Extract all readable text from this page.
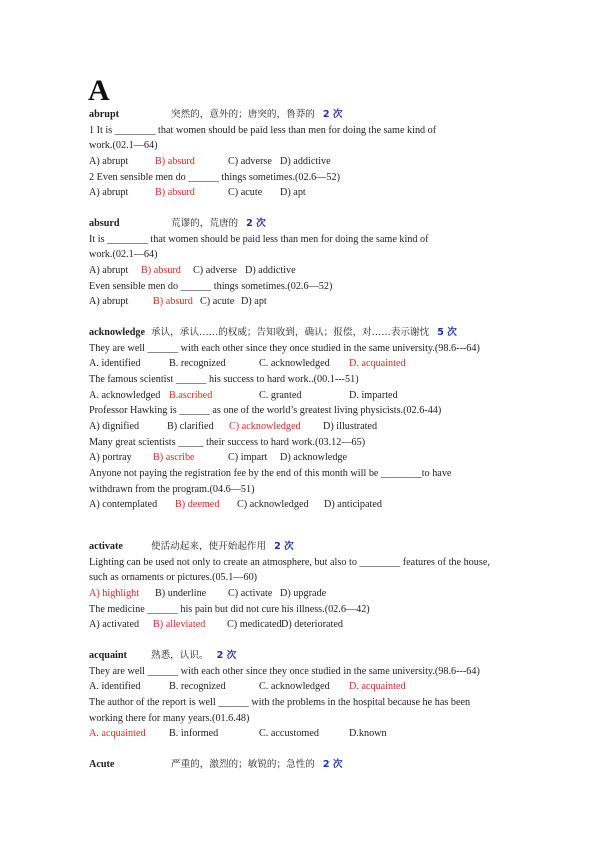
A
abrupt	突然的，意外的；唐突的，鲁莽的 2 次
1 It is ________ that women should be paid less than men for doing the same kind of
work.(02.1—64)
A) abrupt	B) absurd	C) adverse D) addictive
2 Even sensible men do ______ things sometimes.(02.6—52)
A) abrupt	B) absurd	C) acute D) apt
absurd	荒谬的，荒唐的 2 次
It is ________ that women should be paid less than men for doing the same kind of
work.(02.1—64)
A) abrupt B) absurd C) adverse D) addictive
Even sensible men do ______ things sometimes.(02.6—52)
A) abrupt B) absurd C) acute D) apt
acknowledge 承认，承认……的权威；告知收到，确认；报偿，对……表示谢忱 5 次
They are well ______ with each other since they once studied in the same university.(98.6---64)
A. identified	B. recognized	C. acknowledged D. acquainted
The famous scientist ______ his success to hard work..(00.1---51)
A. acknowledged B.ascribed	C. granted	D. imparted
Professor Hawking is ______ as one of the world’s greatest living physicists.(02.6-44)
A) dignified	B) clarified C) acknowledged D) illustrated
Many great scientists _____ their success to hard work.(03.12—65)
A) portray B) ascribe	C) impart D) acknowledge
Anyone not paying the registration fee by the end of this month will be ________to have
withdrawn from the program.(04.6—51)
A) contemplated B) deemed C) acknowledged D) anticipated
activate	使活动起来，使开始起作用 2 次
Lighting can be used not only to create an atmosphere, but also to ________ features of the house,
such as ornaments or pictures.(05.1—60)
A) highlight B) underline C) activate D) upgrade
The medicine ______ his pain but did not cure his illness.(02.6—42)
A) activated B) alleviated C) medicated D) deteriorated
acquaint	熟悉，认识。 2 次
They are well ______ with each other since they once studied in the same university.(98.6---64)
A. identified	B. recognized	C. acknowledged D. acquainted
The author of the report is well ______ with the problems in the hospital because he has been
working there for many years.(01.6.48)
A. acquainted B. informed	C. accustomed	D.known
Acute	严重的，激烈的；敏锐的；急性的 2 次
